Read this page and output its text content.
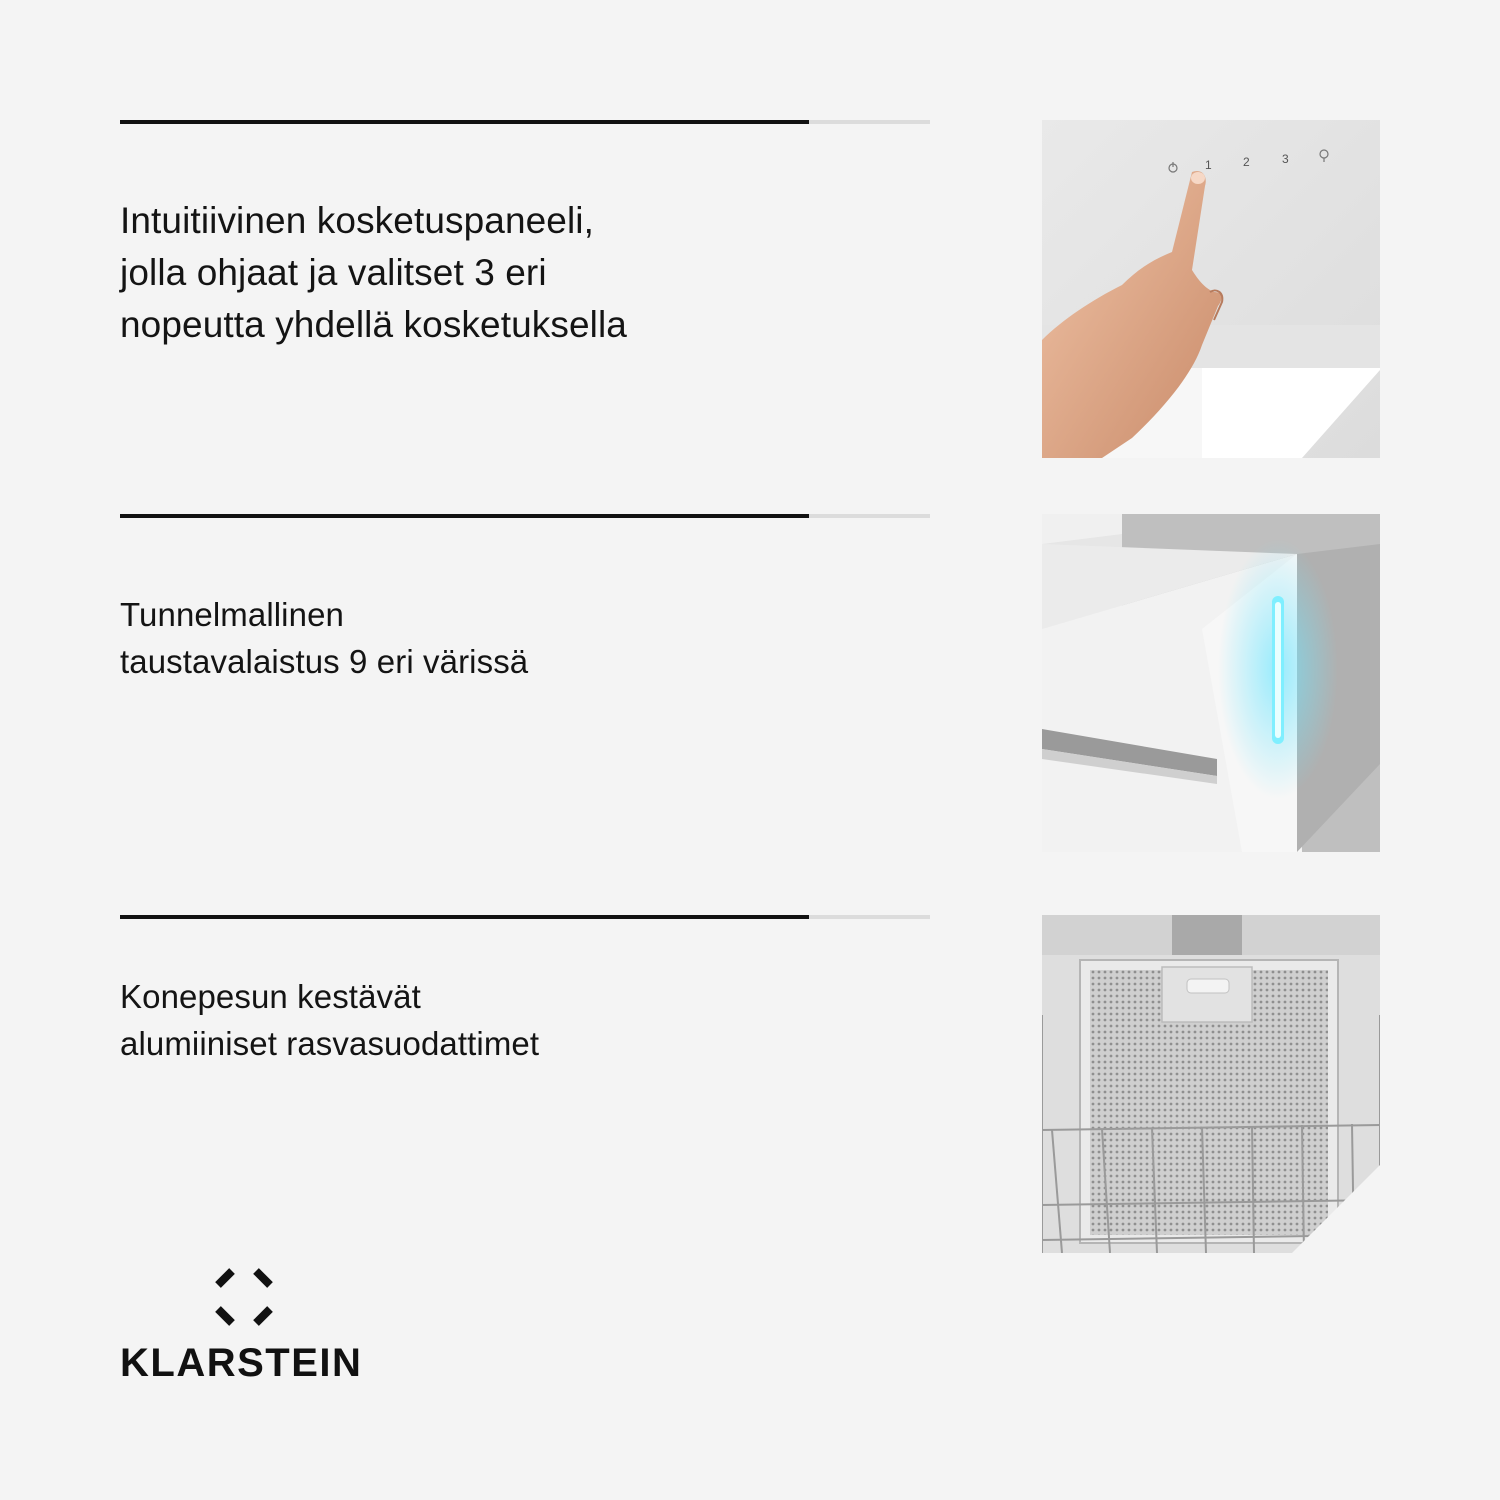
Intuitiivinen kosketuspaneeli,
jolla ohjaat ja valitset 3 eri
nopeutta yhdellä kosketuksella
1	2	3
Tunnelmallinen
taustavalaistus 9 eri värissä
Konepesun kestävät
alumiiniset rasvasuodattimet
KLARSTEIN
